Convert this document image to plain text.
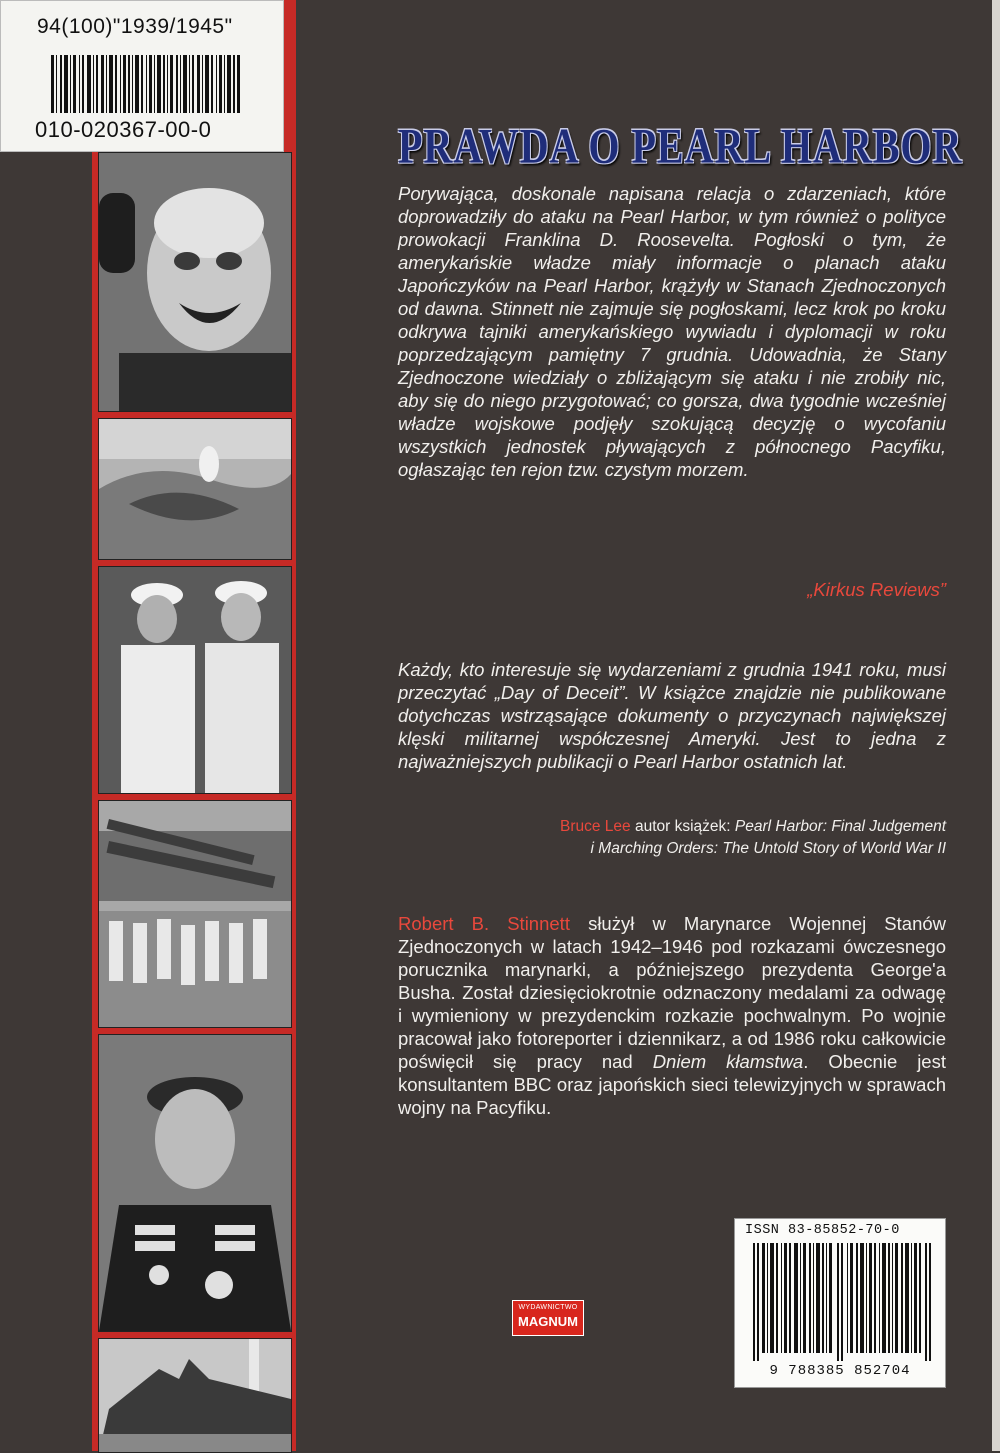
94(100)"1939/1945"
010-020367-00-0	PRAWDA O PEARL HARBOR
Porywająca, doskonale napisana relacja o zdarzeniach, które doprowadziły do ataku na Pearl Harbor, w tym również o polityce prowokacji Franklina D. Roosevelta. Pogłoski o tym, że amerykańskie władze miały informacje o planach ataku Japończyków na Pearl Harbor, krążyły w Stanach Zjednoczonych od dawna. Stinnett nie zajmuje się pogłoskami, lecz krok po kroku odkrywa tajniki amerykańskiego wywiadu i dyplomacji w roku poprzedzającym pamiętny 7 grudnia. Udowadnia, że Stany Zjednoczone wiedziały o zbliżającym się ataku i nie zrobiły nic, aby się do niego przygotować; co gorsza, dwa tygodnie wcześniej władze wojskowe podjęły szokującą decyzję o wycofaniu wszystkich jednostek pływających z północnego Pacyfiku, ogłaszając ten rejon tzw. czystym morzem.
„Kirkus Reviews”
Każdy, kto interesuje się wydarzeniami z grudnia 1941 roku, musi przeczytać „Day of Deceit”. W książce znajdzie nie publikowane dotychczas wstrząsające dokumenty o przyczynach największej klęski militarnej współczesnej Ameryki. Jest to jedna z najważniejszych publikacji o Pearl Harbor ostatnich lat.
Bruce Lee autor książek: Pearl Harbor: Final Judgement
i Marching Orders: The Untold Story of World War II
Robert B. Stinnett służył w Marynarce Wojennej Stanów Zjednoczonych w latach 1942–1946 pod rozkazami ówczesnego porucznika marynarki, a późniejszego prezydenta George'a Busha. Został dziesięciokrotnie odznaczony medalami za odwagę i wymieniony w prezydenckim rozkazie pochwalnym. Po wojnie pracował jako fotoreporter i dziennikarz, a od 1986 roku całkowicie poświęcił się pracy nad Dniem kłamstwa. Obecnie jest konsultantem BBC oraz japońskich sieci telewizyjnych w sprawach wojny na Pacyfiku.
WYDAWNICTWO
MAGNUM
ISSN 83-85852-70-0
9 788385 852704
